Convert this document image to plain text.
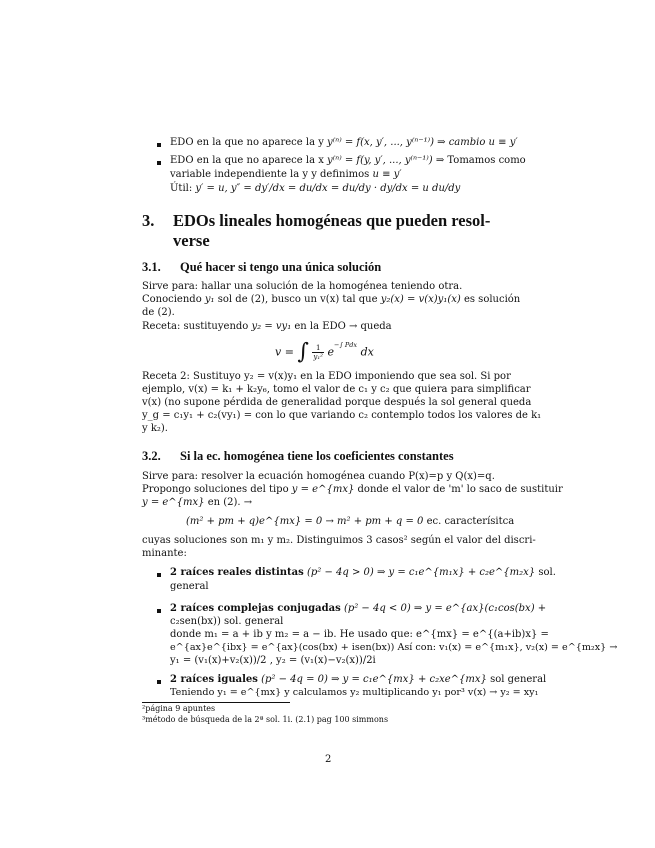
EDO en la que no aparece la y y⁽ⁿ⁾ = f(x, y′, ..., y⁽ⁿ⁻¹⁾) ⇒ cambio u ≡ y′
EDO en la que no aparece la x y⁽ⁿ⁾ = f(y, y′, ..., y⁽ⁿ⁻¹⁾) ⇒ Tomamos como
variable independiente la y y definimos u ≡ y′
Útil: y′ = u, y″ = dy′/dx = du/dx = du/dy · dy/dx = u du/dy
3. EDOs lineales homogéneas que pueden resol-
verse
3.1. Qué hacer si tengo una única solución
Sirve para: hallar una solución de la homogénea teniendo otra.
Conociendo y₁ sol de (2), busco un v(x) tal que y₂(x) = v(x)y₁(x) es solución
de (2).
Receta: sustituyendo y₂ = vy₁ en la EDO → queda
v = ∫ $\frac{1}{\text{y₁²}} e^{-\int Pdx}$ dx
Receta 2: Sustituyo y₂ = v(x)y₁ en la EDO imponiendo que sea sol. Si por
ejemplo, v(x) = k₁ + k₂y₆, tomo el valor de c₁ y c₂ que quiera para simplificar
v(x) (no supone pérdida de generalidad porque después la sol general queda
y_g = c₁y₁ + c₂(vy₁) = con lo que variando c₂ contemplo todos los valores de k₁
y k₂).
3.2. Si la ec. homogénea tiene los coeficientes constantes
Sirve para: resolver la ecuación homogénea cuando P(x)=p y Q(x)=q.
Propongo soluciones del tipo y = e^{mx} donde el valor de 'm' lo saco de sustituir
y = e^{mx} en (2). →
(m² + pm + q)e^{mx} = 0 → m² + pm + q = 0 ec. caracterísitca
cuyas soluciones son m₁ y m₂. Distinguimos 3 casos² según el valor del discri-
minante:
2 raíces reales distintas (p² − 4q > 0) ⇒ y = c₁e^{m₁x} + c₂e^{m₂x} sol.
general
2 raíces complejas conjugadas (p² − 4q < 0) ⇒ y = e^{ax}(c₁cos(bx) +
c₂sen(bx)) sol. general
donde m₁ = a + ib y m₂ = a − ib. He usado que: e^{mx} = e^{(a+ib)x} =
e^{ax}e^{ibx} = e^{ax}(cos(bx) + isen(bx)) Así con: v₁(x) = e^{m₁x}, v₂(x) = e^{m₂x} →
y₁ = (v₁(x)+v₂(x))/2 , y₂ = (v₁(x)−v₂(x))/2i
2 raíces iguales (p² − 4q = 0) ⇒ y = c₁e^{mx} + c₂xe^{mx} sol general
Teniendo y₁ = e^{mx} y calculamos y₂ multiplicando y₁ por³ v(x) → y₂ = xy₁
²página 9 apuntes
³método de búsqueda de la 2ª sol. 1i. (2.1) pag 100 simmons
2
